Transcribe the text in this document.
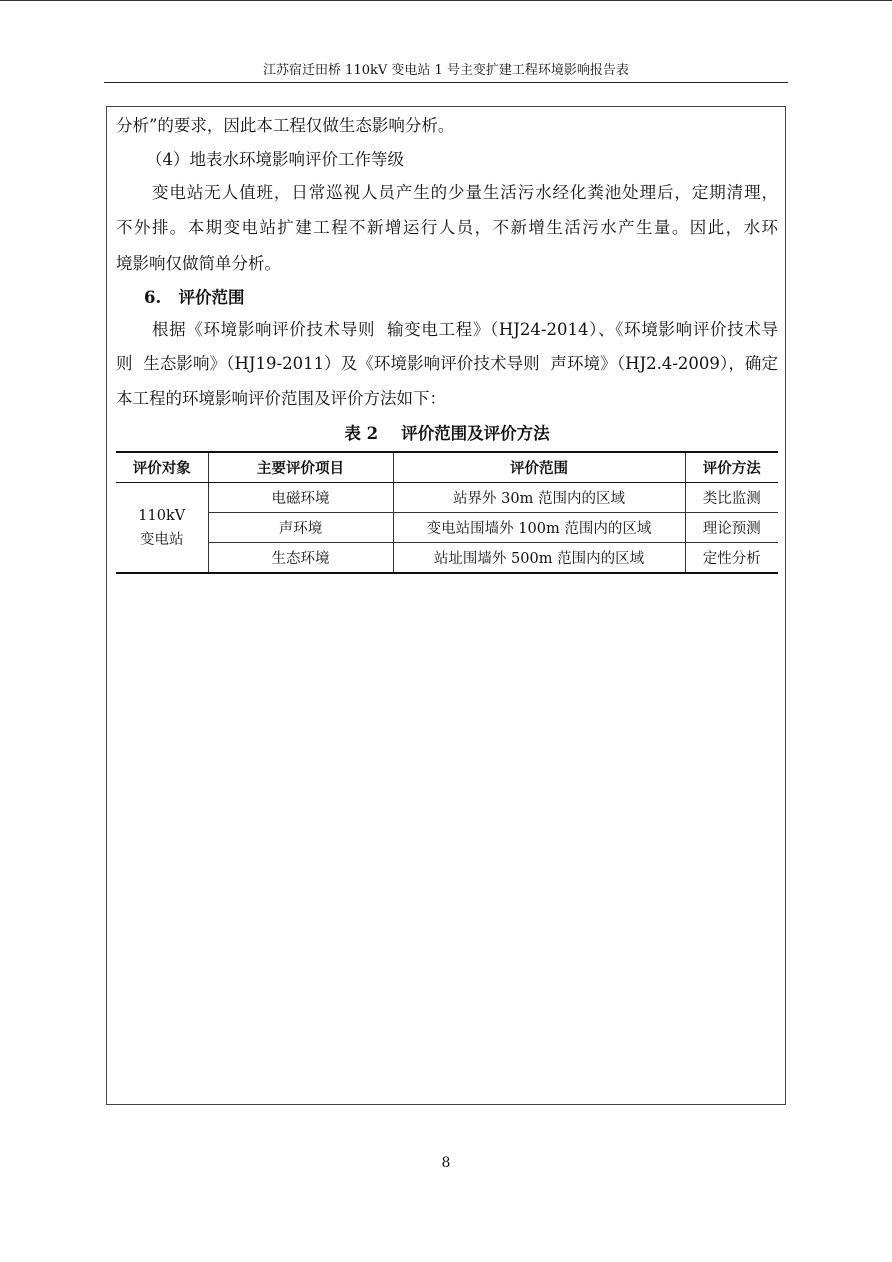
江苏宿迁田桥 110kV 变电站 1 号主变扩建工程环境影响报告表
分析”的要求，因此本工程仅做生态影响分析。
（4）地表水环境影响评价工作等级
变电站无人值班，日常巡视人员产生的少量生活污水经化粪池处理后，定期清理，
不外排。本期变电站扩建工程不新增运行人员，不新增生活污水产生量。因此，水环
境影响仅做简单分析。
6.   评价范围
根据《环境影响评价技术导则  输变电工程》（HJ24-2014）、《环境影响评价技术导
则  生态影响》（HJ19-2011）及《环境影响评价技术导则  声环境》（HJ2.4-2009），确定
本工程的环境影响评价范围及评价方法如下：
表 2    评价范围及评价方法
评价对象	主要评价项目	评价范围	评价方法

110kV
变电站	电磁环境	站界外 30m 范围内的区域	类比监测
	声环境	变电站围墙外 100m 范围内的区域	理论预测
	生态环境	站址围墙外 500m 范围内的区域	定性分析
8
